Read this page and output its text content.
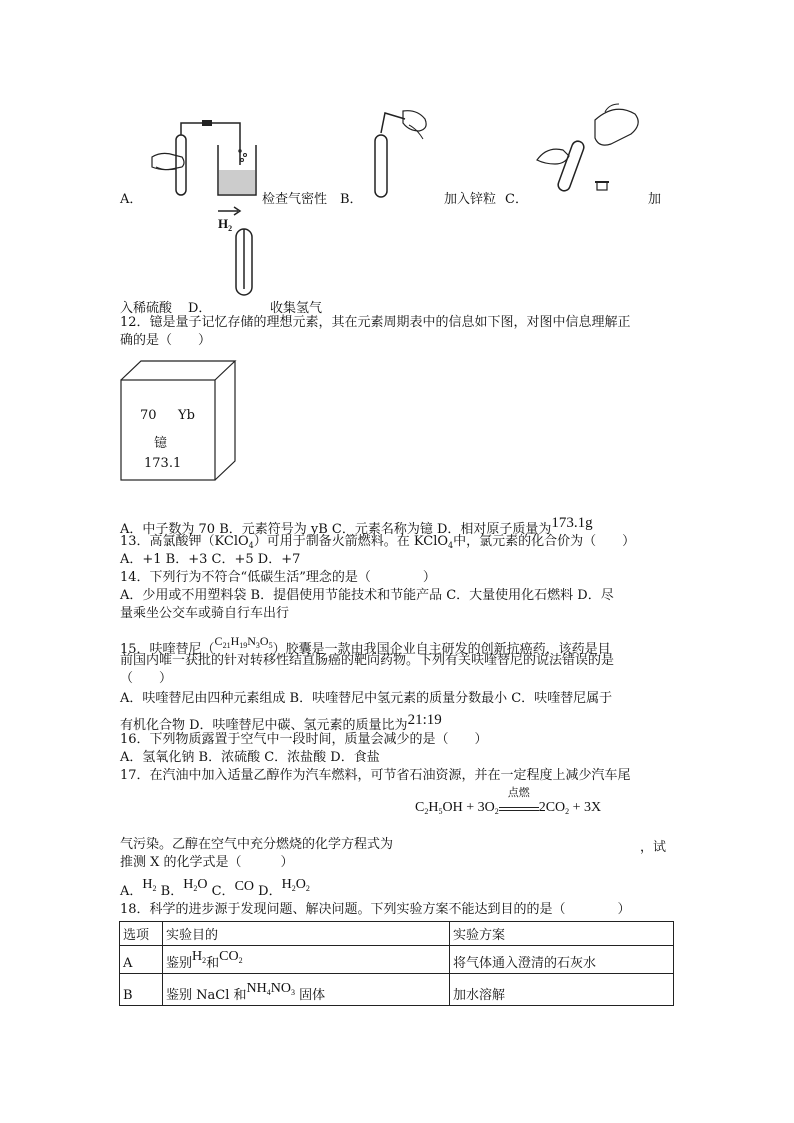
A．	检查气密性 B．	加入锌粒 C．	加
$H_2$
入稀硫酸 D．	收集氢气
12．镱是量子记忆存储的理想元素，其在元素周期表中的信息如下图，对图中信息理解正
确的是（　　）
70 Yb
镱
173.1
A．中子数为 70 B．元素符号为 yB C．元素名称为镱 D．相对原子质量为173.1g
13．高氯酸钾（KClO$_4$）可用于制备火箭燃料。在 KClO$_4$中，氯元素的化合价为（　　）
A．+1 B．+3 C．+5 D．+7
14．下列行为不符合“低碳生活”理念的是（　　　　）
A．少用或不用塑料袋 B．提倡使用节能技术和节能产品 C．大量使用化石燃料 D．尽
量乘坐公交车或骑自行车出行
15．呋喹替尼$(C_{21}H_{19}N_3O_5)$胶囊是一款由我国企业自主研发的创新抗癌药，该药是目
前国内唯一获批的针对转移性结直肠癌的靶向药物。下列有关呋喹替尼的说法错误的是
（　　）
A．呋喹替尼由四种元素组成 B．呋喹替尼中氢元素的质量分数最小 C．呋喹替尼属于
有机化合物 D．呋喹替尼中碳、氢元素的质量比为21:19
16．下列物质露置于空气中一段时间，质量会减少的是（　　）
A．氢氧化钠 B．浓硫酸 C．浓盐酸 D．食盐
17．在汽油中加入适量乙醇作为汽车燃料，可节省石油资源，并在一定程度上减少汽车尾
$C_2H_5OH + 3O_2$
点燃
$2CO_2 + 3X$
气污染。乙醇在空气中充分燃烧的化学方程式为	，试
推测 X 的化学式是（　　　）
A．$H_2$ B．$H_2O$ C．CO D．$H_2O_2$
18．科学的进步源于发现问题、解决问题。下列实验方案不能达到目的的是（　　　　）
选项	实验目的	实验方案
A	鉴别$H_2$和$CO_2$	将气体通入澄清的石灰水
B	鉴别 NaCl 和$NH_4NO_3$ 固体	加水溶解
